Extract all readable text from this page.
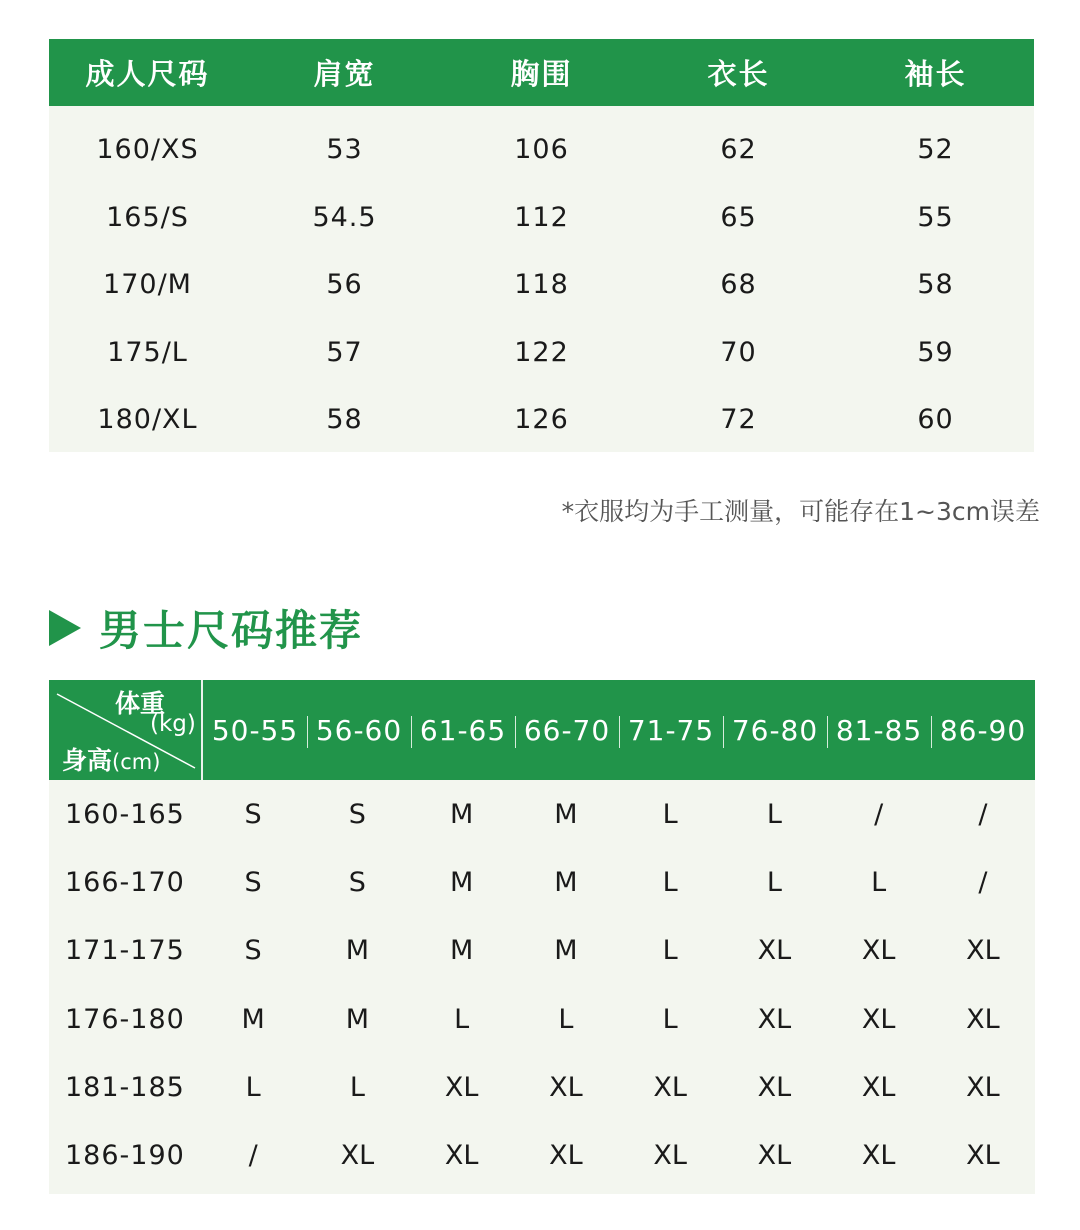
成人尺码	肩宽	胸围	衣长	袖长
160/XS	53	106	62	52
165/S	54.5	112	65	55
170/M	56	118	68	58
175/L	57	122	70	59
180/XL	58	126	72	60
*衣服均为手工测量，可能存在1~3cm误差
男士尺码推荐
体重
(kg)
身高(cm)
50-55 56-60 61-65 66-70 71-75 76-80 81-85 86-90
160-165	S	S	M	M	L	L	/	/
166-170	S	S	M	M	L	L	L	/
171-175	S	M	M	M	L	XL	XL	XL
176-180	M	M	L	L	L	XL	XL	XL
181-185	L	L	XL	XL	XL	XL	XL	XL
186-190	/	XL	XL	XL	XL	XL	XL	XL
